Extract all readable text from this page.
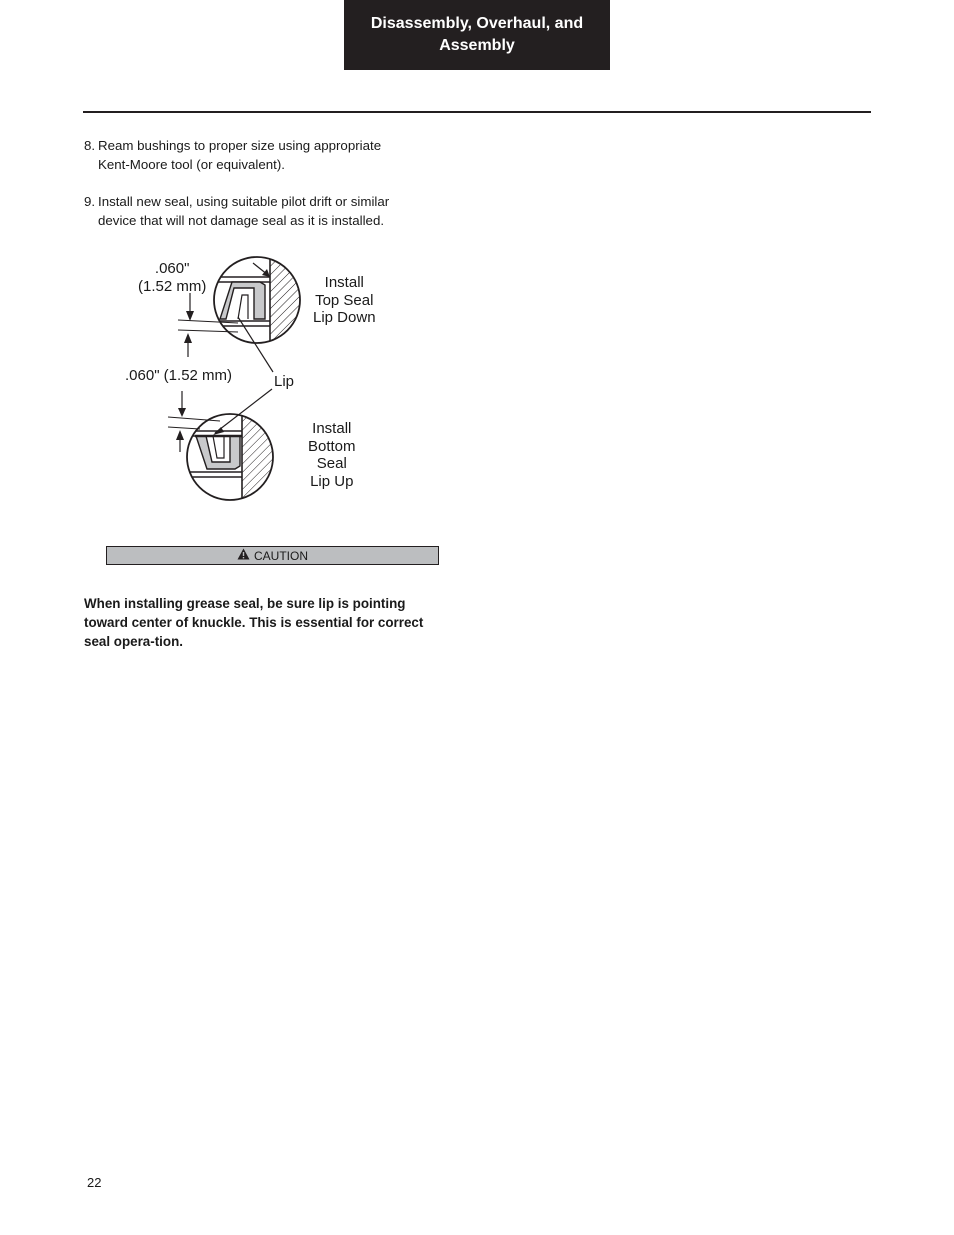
Disassembly, Overhaul, and
Assembly
8. Ream bushings to proper size using appropriate
Kent-Moore tool (or equivalent).
9. Install new seal, using suitable pilot drift or similar
device that will not damage seal as it is installed.
.060"
(1.52 mm)
.060" (1.52 mm)	Lip
Install
Top Seal
Lip Down
Install
Bottom
Seal
Lip Up
CAUTION
When installing grease seal, be sure lip is pointing toward center of knuckle. This is essential for correct seal opera-tion.
22
